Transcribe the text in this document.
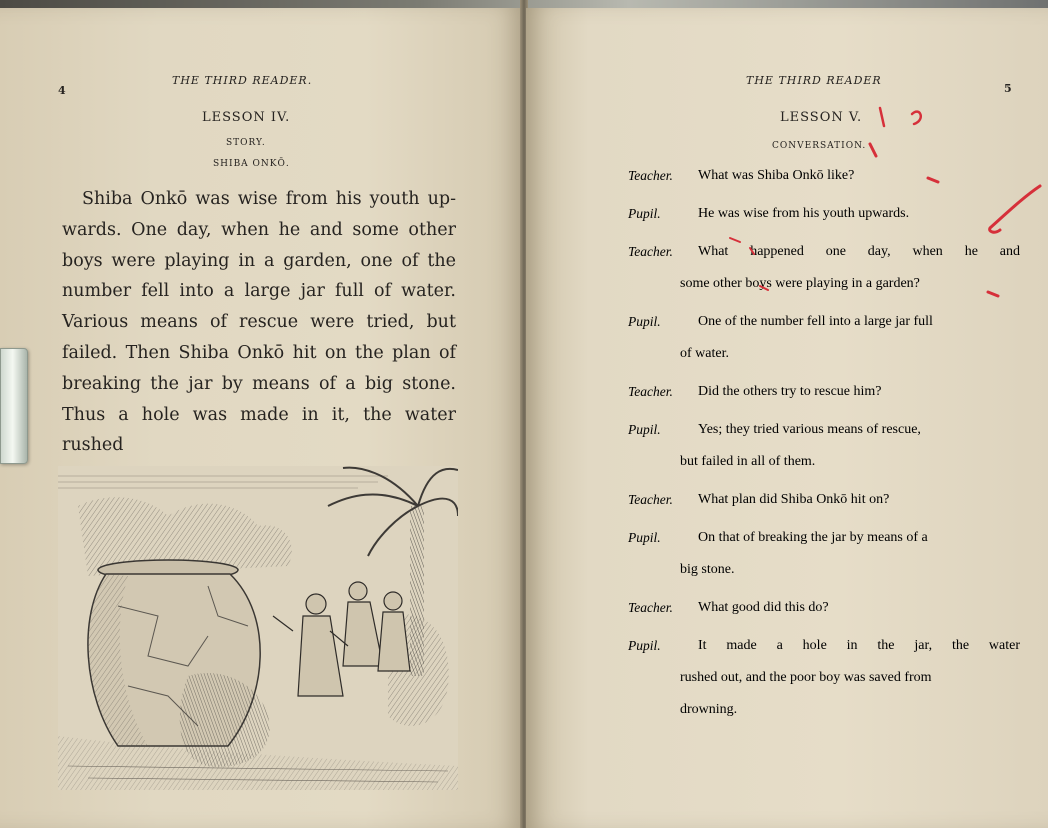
4
THE THIRD READER.
LESSON IV.
STORY.
SHIBA ONKŌ.
Shiba Onkō was wise from his youth up-
wards. One day, when he and some other
boys were playing in a garden, one of the
number fell into a large jar full of water.
Various means of rescue were tried, but
failed. Then Shiba Onkō hit on the plan of
breaking the jar by means of a big stone.
Thus a hole was made in it, the water rushed
THE THIRD READER
5
LESSON V.
CONVERSATION.
Teacher. What was Shiba Onkō like?
Pupil.	He was wise from his youth upwards.
Teacher. What happened one day, when he and
some other boys were playing in a garden?
Pupil.	One of the number fell into a large jar full
of water.
Teacher. Did the others try to rescue him?
Pupil.	Yes; they tried various means of rescue,
but failed in all of them.
Teacher. What plan did Shiba Onkō hit on?
Pupil.	On that of breaking the jar by means of a
big stone.
Teacher. What good did this do?
Pupil.	It made a hole in the jar, the water
rushed out, and the poor boy was saved from
drowning.
